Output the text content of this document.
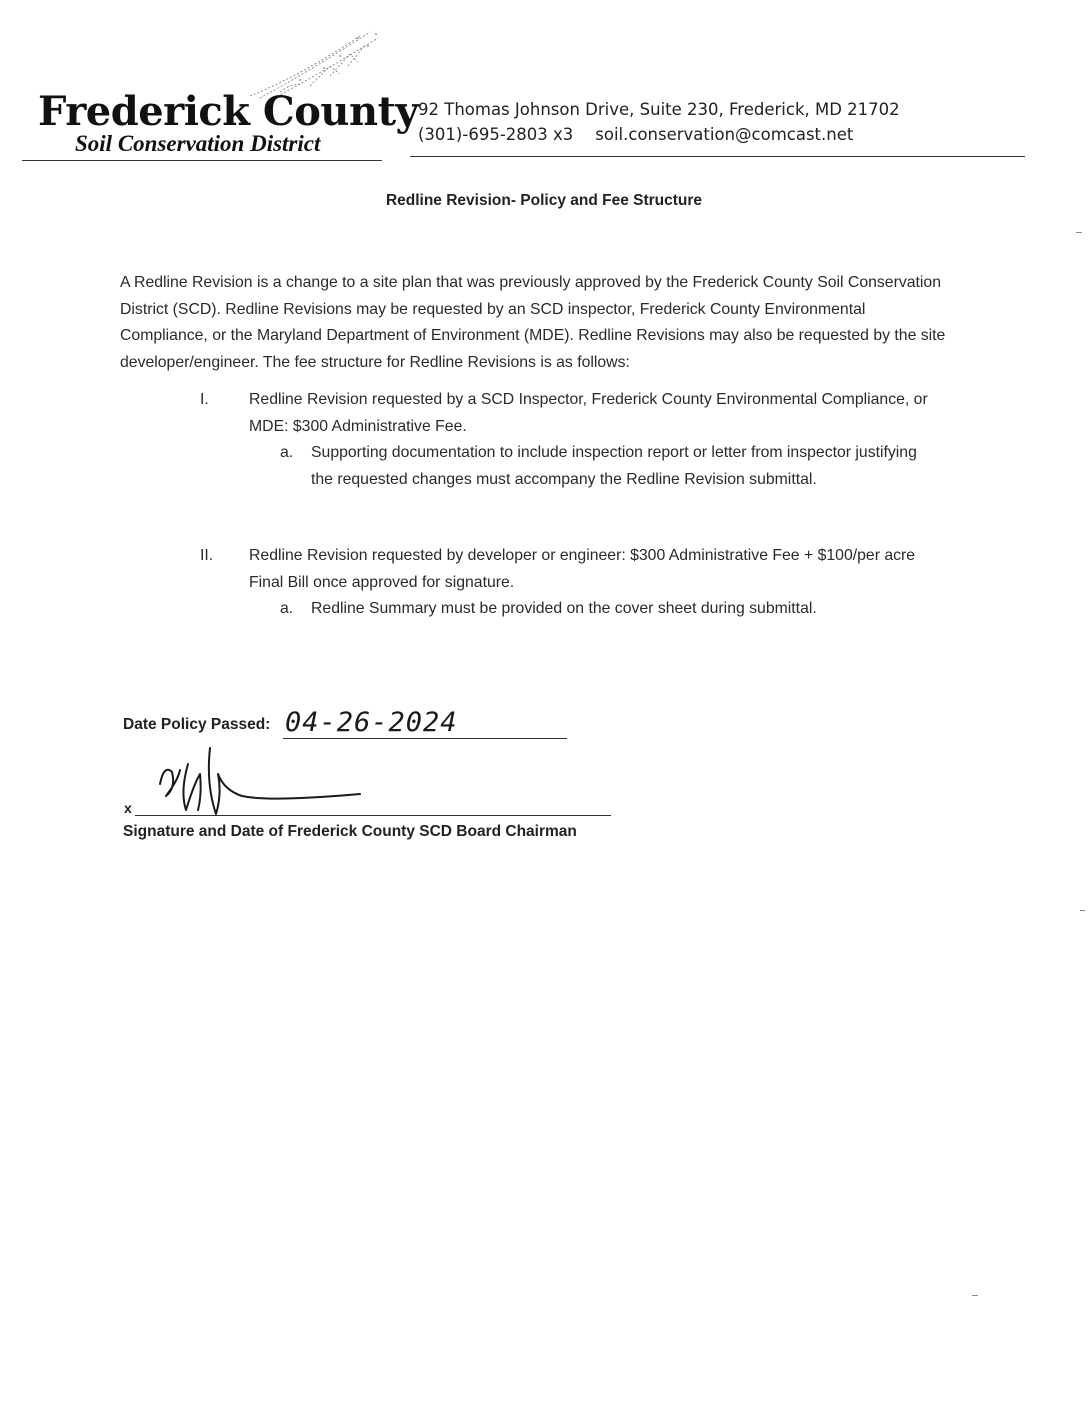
Frederick County
Soil Conservation District
92 Thomas Johnson Drive, Suite 230, Frederick, MD 21702
(301)-695-2803 x3 soil.conservation@comcast.net
Redline Revision- Policy and Fee Structure
A Redline Revision is a change to a site plan that was previously approved by the Frederick County Soil Conservation District (SCD). Redline Revisions may be requested by an SCD inspector, Frederick County Environmental Compliance, or the Maryland Department of Environment (MDE). Redline Revisions may also be requested by the site developer/engineer. The fee structure for Redline Revisions is as follows:
I.	Redline Revision requested by a SCD Inspector, Frederick County Environmental Compliance, or MDE: $300 Administrative Fee.
a. Supporting documentation to include inspection report or letter from inspector justifying the requested changes must accompany the Redline Revision submittal.
II.	Redline Revision requested by developer or engineer: $300 Administrative Fee + $100/per acre Final Bill once approved for signature.
a. Redline Summary must be provided on the cover sheet during submittal.
Date Policy Passed: 04-26-2024
x
Signature and Date of Frederick County SCD Board Chairman
